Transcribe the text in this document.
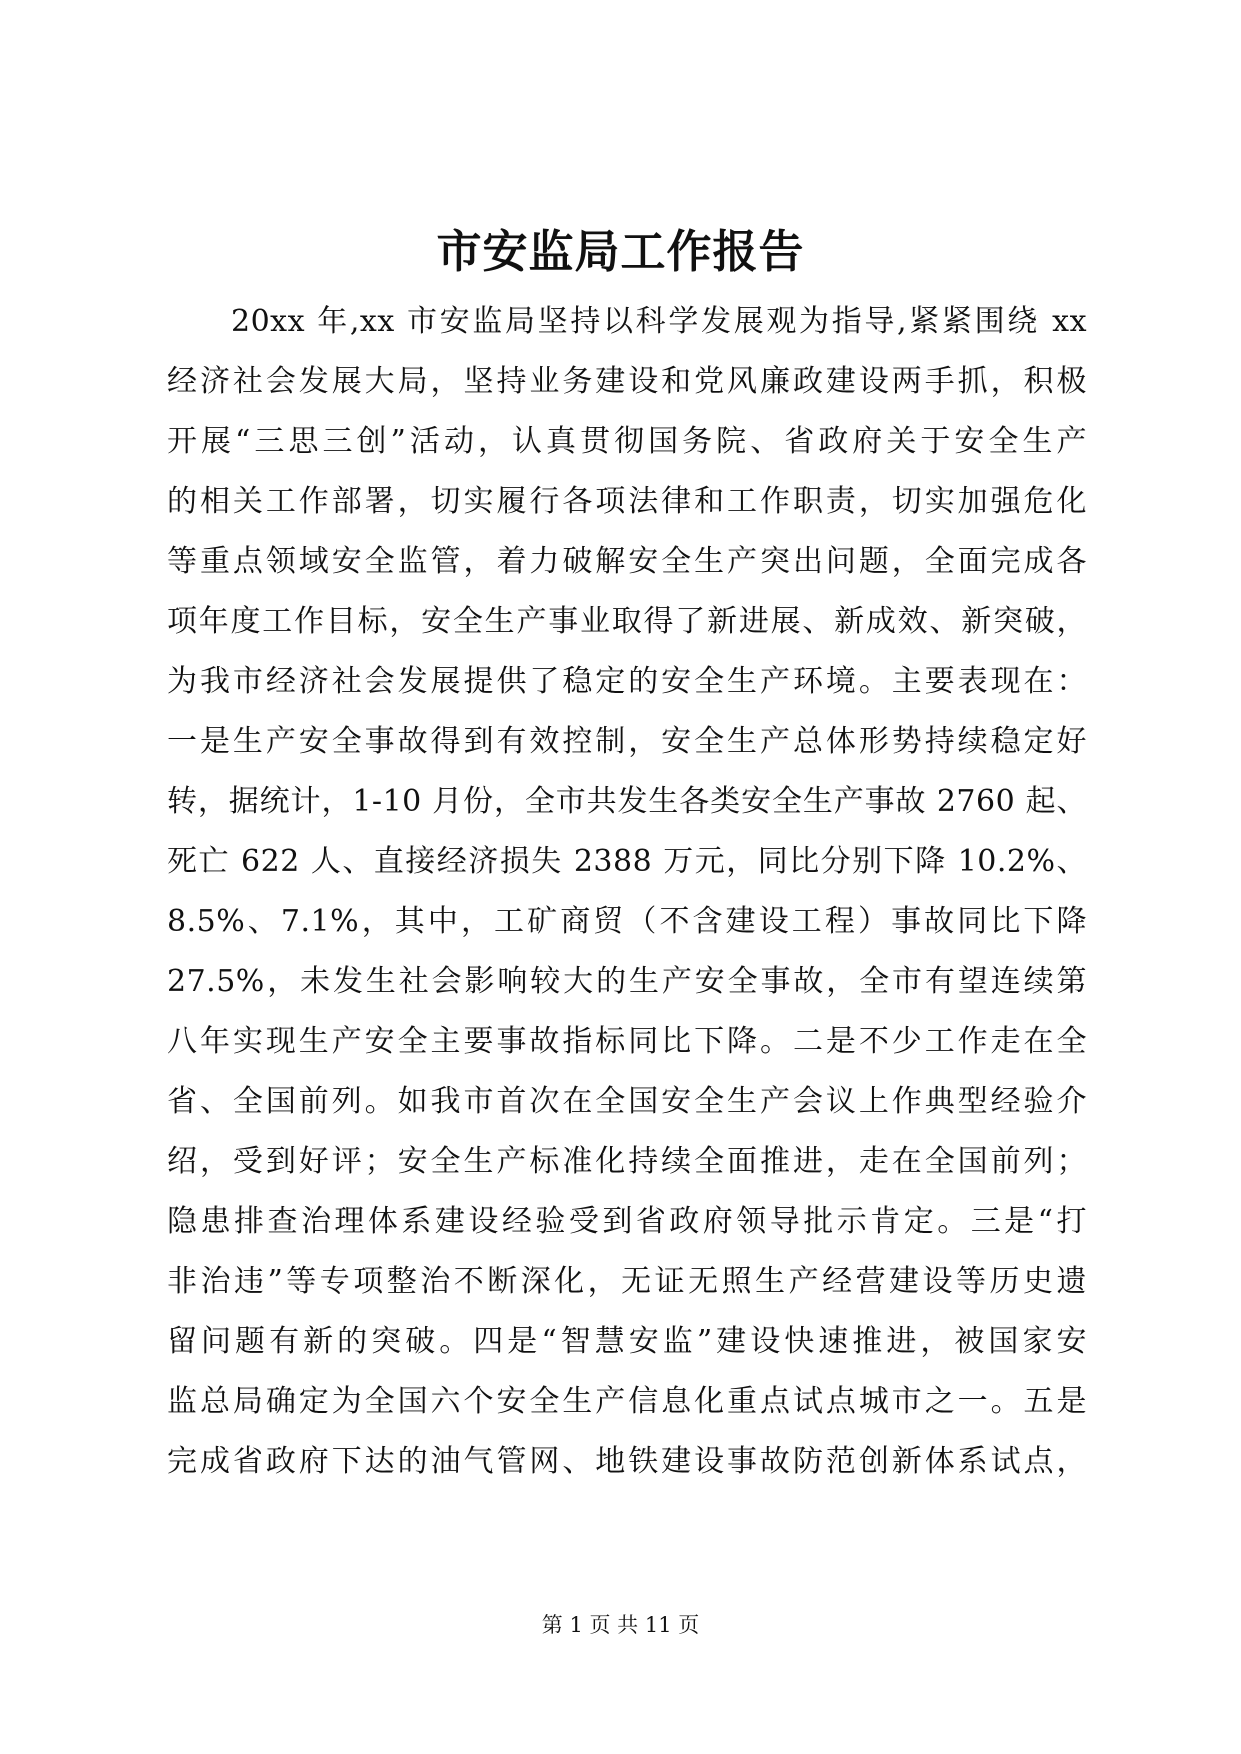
市安监局工作报告
20xx 年,xx 市安监局坚持以科学发展观为指导,紧紧围绕 xx
经济社会发展大局，坚持业务建设和党风廉政建设两手抓，积极
开展“三思三创”活动，认真贯彻国务院、省政府关于安全生产
的相关工作部署，切实履行各项法律和工作职责，切实加强危化
等重点领域安全监管，着力破解安全生产突出问题，全面完成各
项年度工作目标，安全生产事业取得了新进展、新成效、新突破，
为我市经济社会发展提供了稳定的安全生产环境。主要表现在：
一是生产安全事故得到有效控制，安全生产总体形势持续稳定好
转，据统计，1-10 月份，全市共发生各类安全生产事故 2760 起、
死亡 622 人、直接经济损失 2388 万元，同比分别下降 10.2%、
8.5%、7.1%，其中，工矿商贸（不含建设工程）事故同比下降
27.5%，未发生社会影响较大的生产安全事故，全市有望连续第
八年实现生产安全主要事故指标同比下降。二是不少工作走在全
省、全国前列。如我市首次在全国安全生产会议上作典型经验介
绍，受到好评；安全生产标准化持续全面推进，走在全国前列；
隐患排查治理体系建设经验受到省政府领导批示肯定。三是“打
非治违”等专项整治不断深化，无证无照生产经营建设等历史遗
留问题有新的突破。四是“智慧安监”建设快速推进，被国家安
监总局确定为全国六个安全生产信息化重点试点城市之一。五是
完成省政府下达的油气管网、地铁建设事故防范创新体系试点，
第 1 页 共 11 页
